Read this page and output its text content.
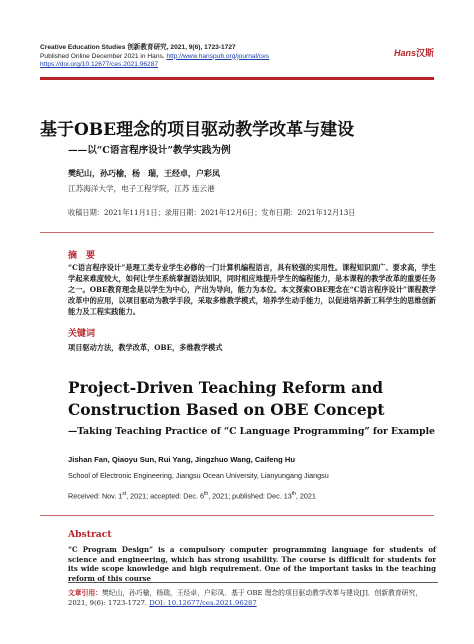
Creative Education Studies 创新教育研究, 2021, 9(6), 1723-1727
Published Online December 2021 in Hans. http://www.hanspub.org/journal/ces
https://doi.org/10.12677/ces.2021.96287
Hans汉斯
基于OBE理念的项目驱动教学改革与建设
——以“C语言程序设计”教学实践为例
樊纪山，孙巧榆，杨　瑞，王经卓，户彩凤
江苏海洋大学，电子工程学院，江苏 连云港
收稿日期：2021年11月1日；录用日期：2021年12月6日；发布日期：2021年12月13日
摘　要
“C语言程序设计”是理工类专业学生必修的一门计算机编程语言，具有较强的实用性。课程知识面广、要求高，学生学起来难度较大，如何让学生系统掌握语法知识，同时相应地提升学生的编程能力，是本课程的教学改革的重要任务之一。OBE教育理念是以学生为中心，产出为导向，能力为本位。本文探索OBE理念在“C语言程序设计”课程教学改革中的应用，以项目驱动为教学手段，采取多维教学模式，培养学生动手能力，以促进培养新工科学生的思维创新能力及工程实践能力。
关键词
项目驱动方法，教学改革，OBE，多维教学模式
Project-Driven Teaching Reform and Construction Based on OBE Concept
—Taking Teaching Practice of “C Language Programming” for Example
Jishan Fan, Qiaoyu Sun, Rui Yang, Jingzhuo Wang, Caifeng Hu
School of Electronic Engineering, Jiangsu Ocean University, Lianyungang Jiangsu
Received: Nov. 1st, 2021; accepted: Dec. 6th, 2021; published: Dec. 13th, 2021
Abstract
“C Program Design” is a compulsory computer programming language for students of science and engineering, which has strong usability. The course is difficult for students for its wide scope knowledge and high requirement. One of the important tasks in the teaching reform of this course
文章引用：樊纪山，孙巧榆，杨瑞，王经卓，户彩凤．基于 OBE 理念的项目驱动教学改革与建设[J]．创新教育研究，2021, 9(6): 1723-1727. DOI: 10.12677/ces.2021.96287
